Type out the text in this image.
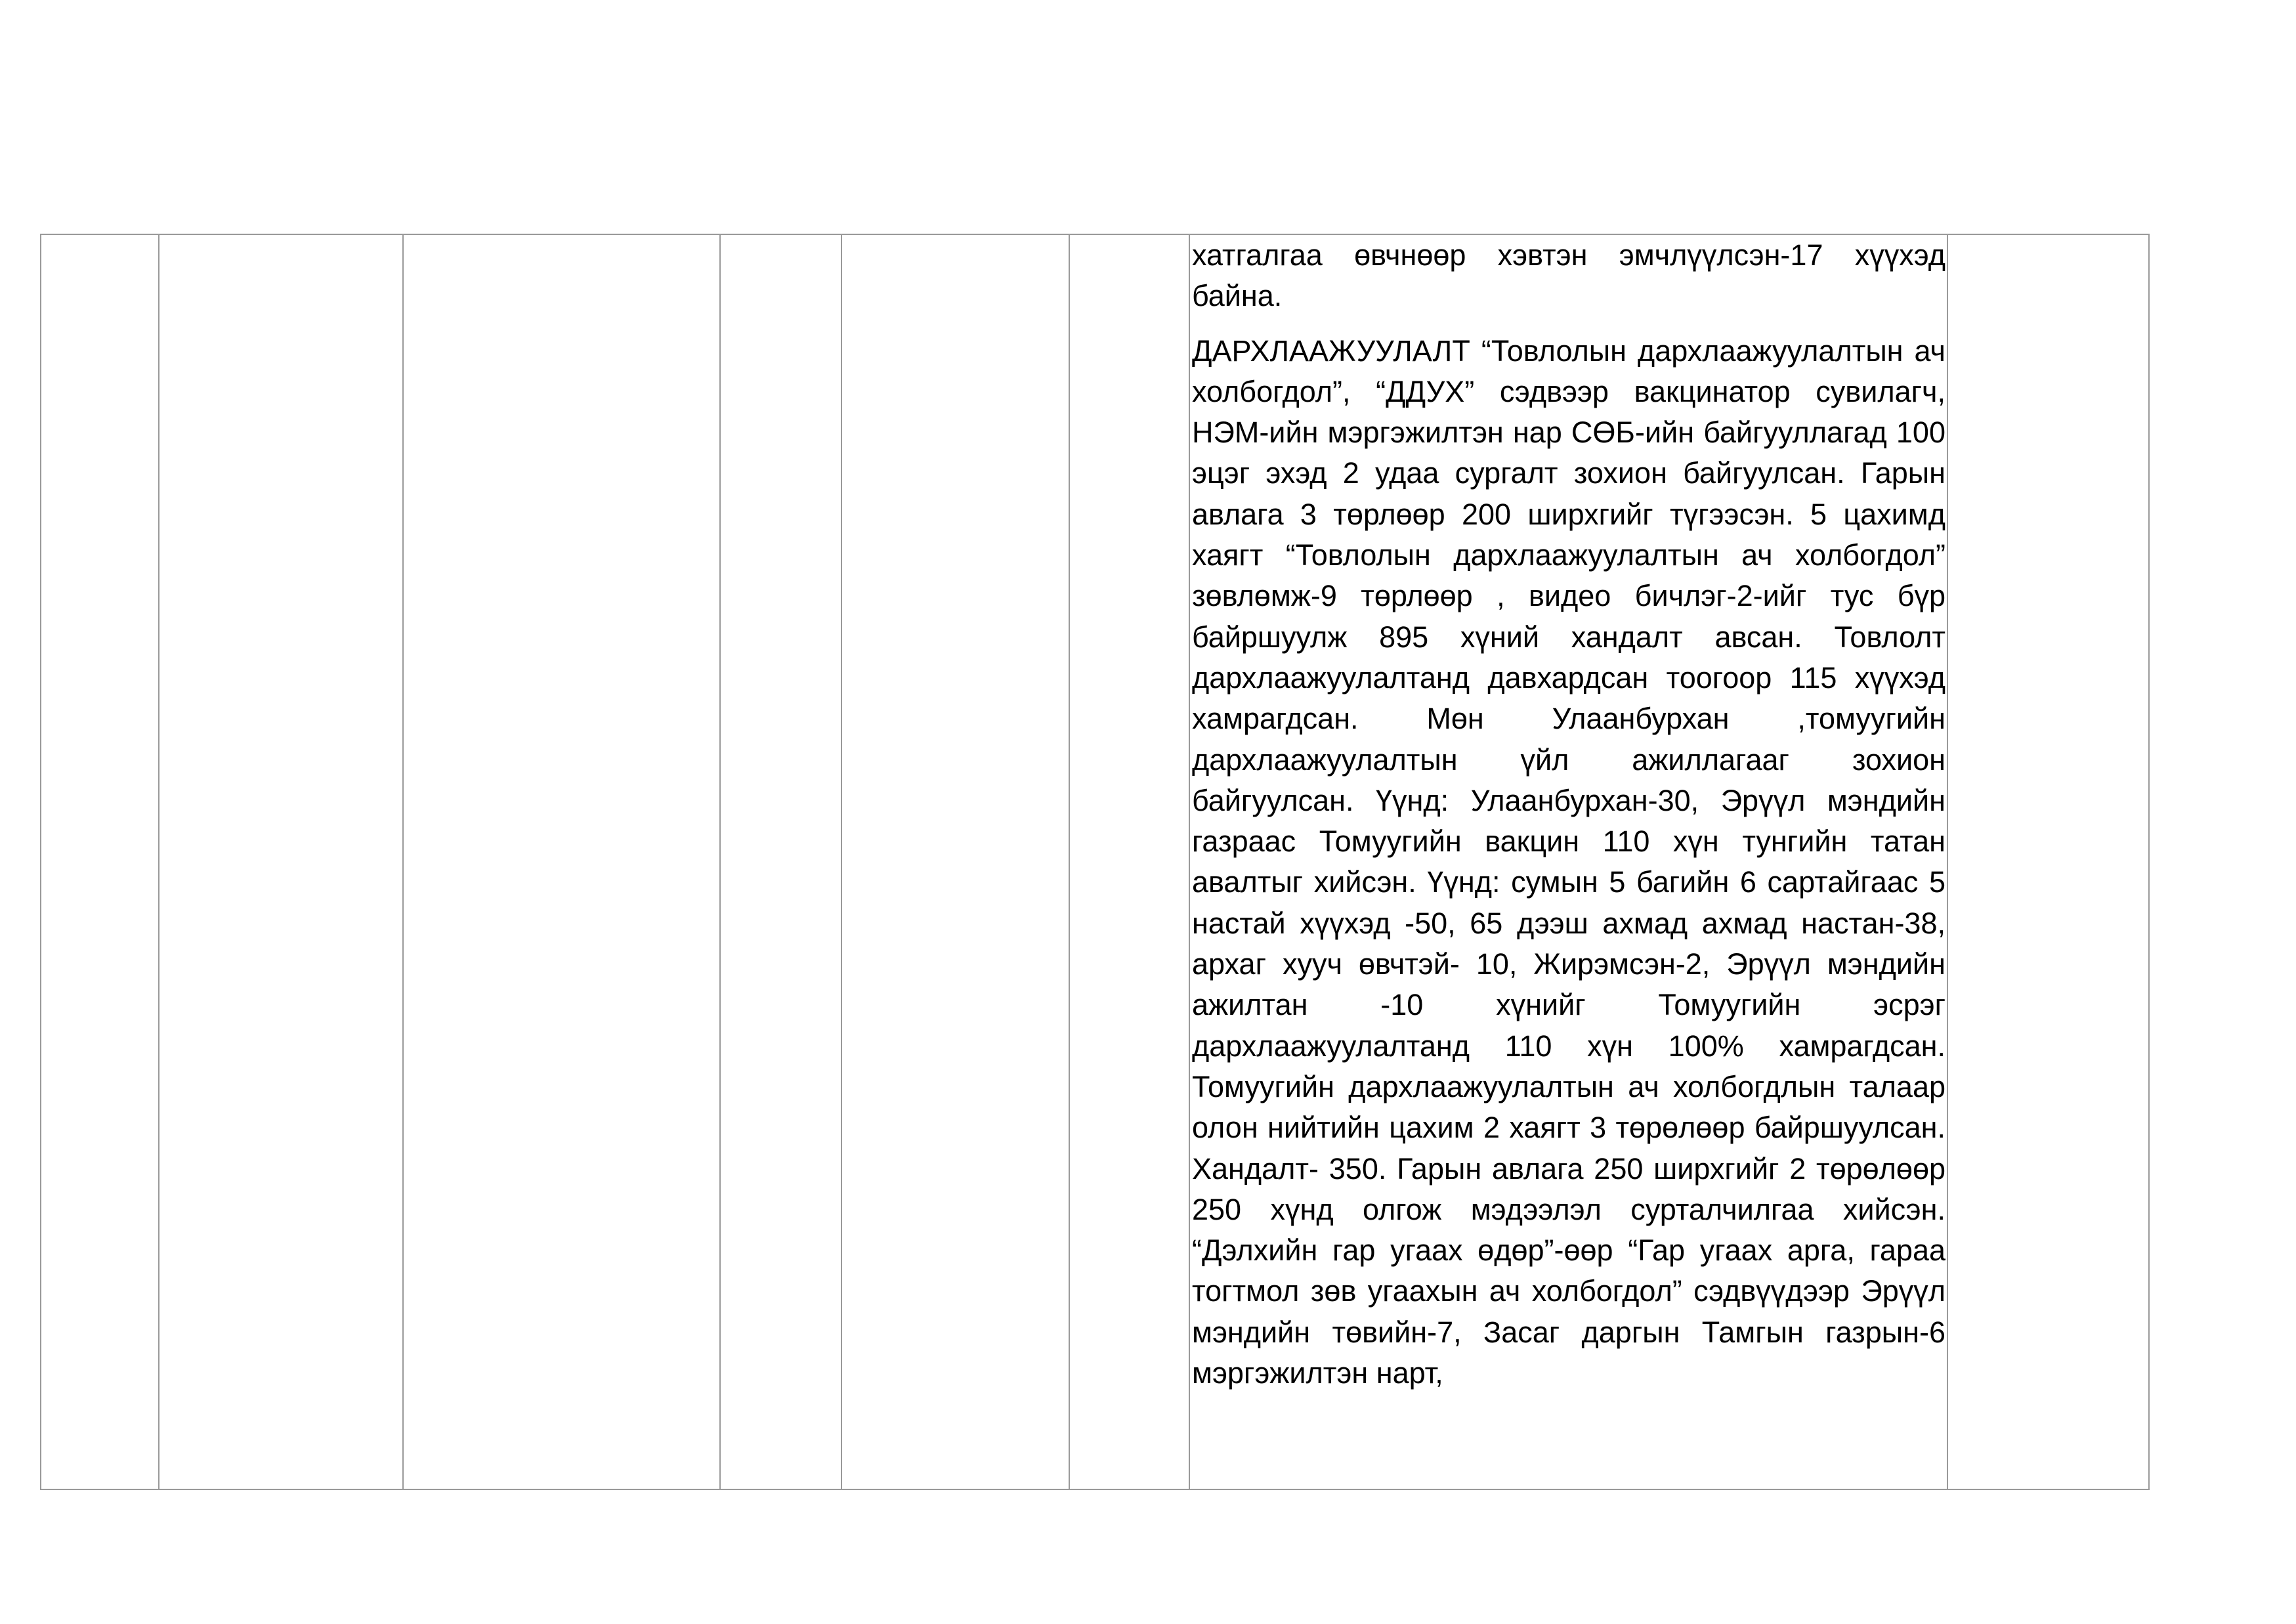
хатгалгаа өвчнөөр хэвтэн эмчлүүлсэн-17 хүүхэд байна.

ДАРХЛААЖУУЛАЛТ “Товлолын дархлаажуулалтын ач холбогдол”, “ДДУХ” сэдвээр вакцинатор сувилагч, НЭМ-ийн мэргэжилтэн нар СӨБ-ийн байгууллагад 100 эцэг эхэд 2 удаа сургалт зохион байгуулсан. Гарын авлага 3 төрлөөр 200 ширхгийг түгээсэн. 5 цахимд хаягт “Товлолын дархлаажуулалтын ач холбогдол” зөвлөмж-9 төрлөөр , видео бичлэг-2-ийг тус бүр байршуулж 895 хүний хандалт авсан. Товлолт дархлаажуулалтанд давхардсан тоогоор 115 хүүхэд хамрагдсан. Мөн Улаанбурхан ,томуугийн дархлаажуулалтын үйл ажиллагааг зохион байгуулсан. Үүнд: Улаанбурхан-30, Эрүүл мэндийн газраас Томуугийн вакцин 110 хүн тунгийн татан авалтыг хийсэн. Үүнд: сумын 5 багийн 6 сартайгаас 5 настай хүүхэд -50, 65 дээш ахмад ахмад настан-38, архаг хууч өвчтэй- 10, Жирэмсэн-2, Эрүүл мэндийн ажилтан -10 хүнийг Томуугийн эсрэг дархлаажуулалтанд 110 хүн 100% хамрагдсан. Томуугийн дархлаажуулалтын ач холбогдлын талаар олон нийтийн цахим 2 хаягт 3 төрөлөөр байршуулсан. Хандалт- 350. Гарын авлага 250 ширхгийг 2 төрөлөөр 250 хүнд олгож мэдээлэл сурталчилгаа хийсэн. “Дэлхийн гар угаах өдөр”-өөр “Гар угаах арга, гараа тогтмол зөв угаахын ач холбогдол” сэдвүүдээр Эрүүл мэндийн төвийн-7, Засаг даргын Тамгын газрын-6 мэргэжилтэн нарт,
